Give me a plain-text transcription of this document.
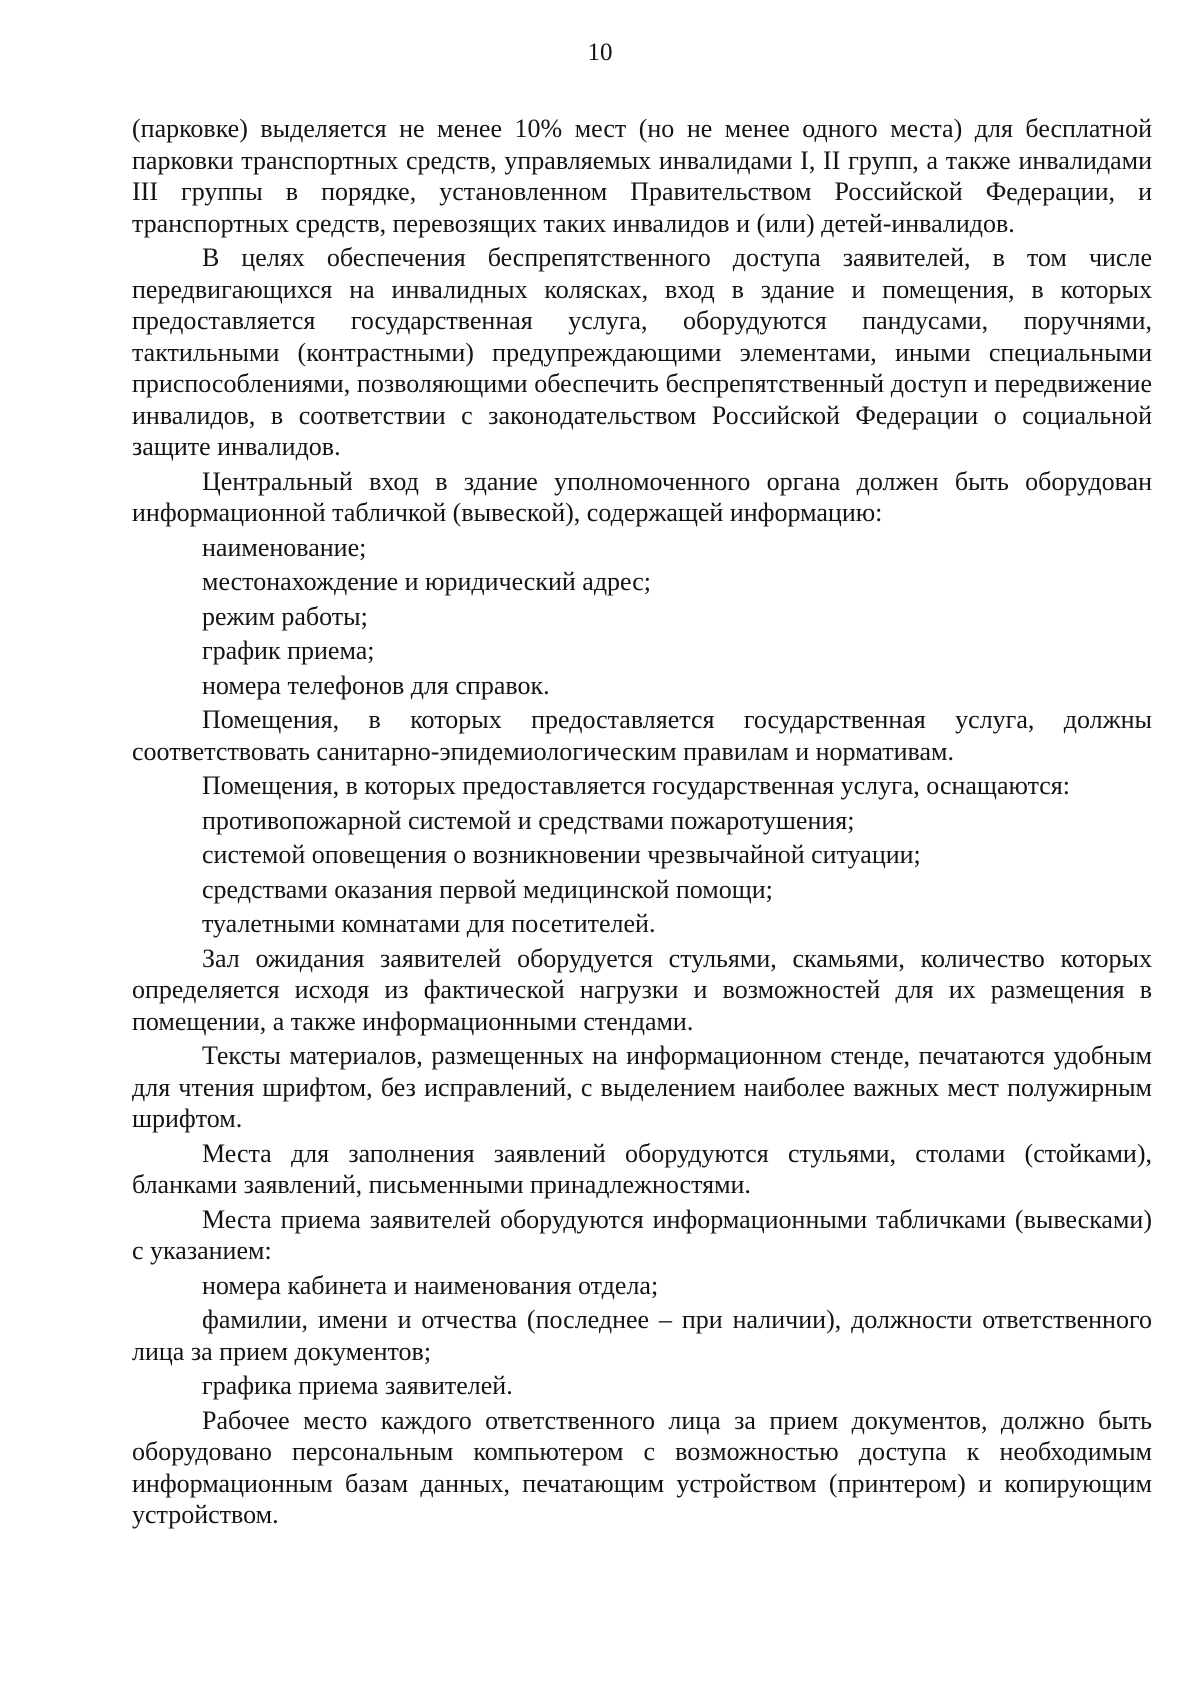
10

(парковке) выделяется не менее 10% мест (но не менее одного места) для бесплатной парковки транспортных средств, управляемых инвалидами I, II групп, а также инвалидами III группы в порядке, установленном Правительством Российской Федерации, и транспортных средств, перевозящих таких инвалидов и (или) детей-инвалидов.

В целях обеспечения беспрепятственного доступа заявителей, в том числе передвигающихся на инвалидных колясках, вход в здание и помещения, в которых предоставляется государственная услуга, оборудуются пандусами, поручнями, тактильными (контрастными) предупреждающими элементами, иными специальными приспособлениями, позволяющими обеспечить беспрепятственный доступ и передвижение инвалидов, в соответствии с законодательством Российской Федерации о социальной защите инвалидов.

Центральный вход в здание уполномоченного органа должен быть оборудован информационной табличкой (вывеской), содержащей информацию:

наименование;

местонахождение и юридический адрес;

режим работы;

график приема;

номера телефонов для справок.

Помещения, в которых предоставляется государственная услуга, должны соответствовать санитарно-эпидемиологическим правилам и нормативам.

Помещения, в которых предоставляется государственная услуга, оснащаются:

противопожарной системой и средствами пожаротушения;

системой оповещения о возникновении чрезвычайной ситуации;

средствами оказания первой медицинской помощи;

туалетными комнатами для посетителей.

Зал ожидания заявителей оборудуется стульями, скамьями, количество которых определяется исходя из фактической нагрузки и возможностей для их размещения в помещении, а также информационными стендами.

Тексты материалов, размещенных на информационном стенде, печатаются удобным для чтения шрифтом, без исправлений, с выделением наиболее важных мест полужирным шрифтом.

Места для заполнения заявлений оборудуются стульями, столами (стойками), бланками заявлений, письменными принадлежностями.

Места приема заявителей оборудуются информационными табличками (вывесками) с указанием:

номера кабинета и наименования отдела;

фамилии, имени и отчества (последнее – при наличии), должности ответственного лица за прием документов;

графика приема заявителей.

Рабочее место каждого ответственного лица за прием документов, должно быть оборудовано персональным компьютером с возможностью доступа к необходимым информационным базам данных, печатающим устройством (принтером) и копирующим устройством.
